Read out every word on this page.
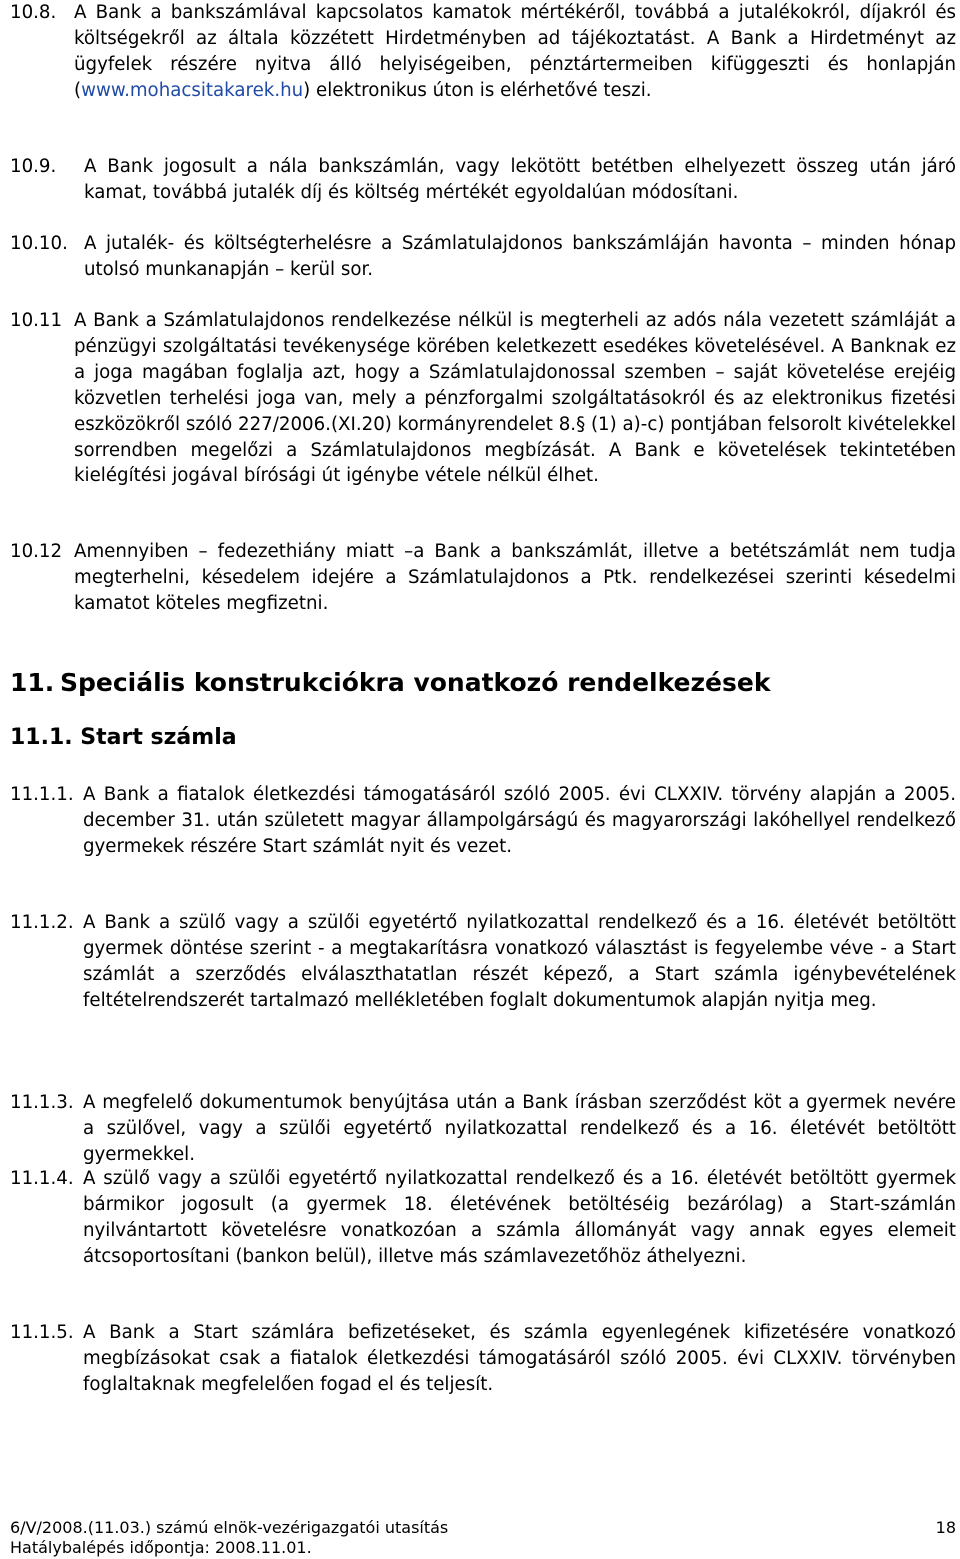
10.8. A Bank a bankszámlával kapcsolatos kamatok mértékéről, továbbá a jutalékokról, díjakról és költségekről az általa közzétett Hirdetményben ad tájékoztatást. A Bank a Hirdetményt az ügyfelek részére nyitva álló helyiségeiben, pénztártermeiben kifüggeszti és honlapján (www.mohacsitakarek.hu) elektronikus úton is elérhetővé teszi.
10.9.	A Bank jogosult a nála bankszámlán, vagy lekötött betétben elhelyezett összeg után járó kamat, továbbá jutalék díj és költség mértékét egyoldalúan módosítani.
10.10. A jutalék- és költségterhelésre a Számlatulajdonos bankszámláján havonta – minden hónap utolsó munkanapján – kerül sor.
10.11 A Bank a Számlatulajdonos rendelkezése nélkül is megterheli az adós nála vezetett számláját a pénzügyi szolgáltatási tevékenysége körében keletkezett esedékes követelésével. A Banknak ez a joga magában foglalja azt, hogy a Számlatulajdonossal szemben – saját követelése erejéig közvetlen terhelési joga van, mely a pénzforgalmi szolgáltatásokról és az elektronikus fizetési eszközökről szóló 227/2006.(XI.20) kormányrendelet 8.§ (1) a)-c) pontjában felsorolt kivételekkel sorrendben megelőzi a Számlatulajdonos megbízását. A Bank e követelések tekintetében kielégítési jogával bírósági út igénybe vétele nélkül élhet.
10.12 Amennyiben – fedezethiány miatt –a Bank a bankszámlát, illetve a betétszámlát nem tudja megterhelni, késedelem idejére a Számlatulajdonos a Ptk. rendelkezései szerinti késedelmi kamatot köteles megfizetni.
11. Speciális konstrukciókra vonatkozó rendelkezések
11.1. Start számla
11.1.1. A Bank a fiatalok életkezdési támogatásáról szóló 2005. évi CLXXIV. törvény alapján a 2005. december 31. után született magyar állampolgárságú és magyarországi lakóhellyel rendelkező gyermekek részére Start számlát nyit és vezet.
11.1.2. A Bank a szülő vagy a szülői egyetértő nyilatkozattal rendelkező és a 16. életévét betöltött gyermek döntése szerint - a megtakarításra vonatkozó választást is fegyelembe véve - a Start számlát a szerződés elválaszthatatlan részét képező, a Start számla igénybevételének feltételrendszerét tartalmazó mellékletében foglalt dokumentumok alapján nyitja meg.
11.1.3. A megfelelő dokumentumok benyújtása után a Bank írásban szerződést köt a gyermek nevére a szülővel, vagy a szülői egyetértő nyilatkozattal rendelkező és a 16. életévét betöltött gyermekkel.
11.1.4. A szülő vagy a szülői egyetértő nyilatkozattal rendelkező és a 16. életévét betöltött gyermek bármikor jogosult (a gyermek 18. életévének betöltéséig bezárólag) a Start-számlán nyilvántartott követelésre vonatkozóan a számla állományát vagy annak egyes elemeit átcsoportosítani (bankon belül), illetve más számlavezetőhöz áthelyezni.
11.1.5. A Bank a Start számlára befizetéseket, és számla egyenlegének kifizetésére vonatkozó megbízásokat csak a fiatalok életkezdési támogatásáról szóló 2005. évi CLXXIV. törvényben foglaltaknak megfelelően fogad el és teljesít.
6/V/2008.(11.03.) számú elnök-vezérigazgatói utasítás	18
Hatálybalépés időpontja: 2008.11.01.
